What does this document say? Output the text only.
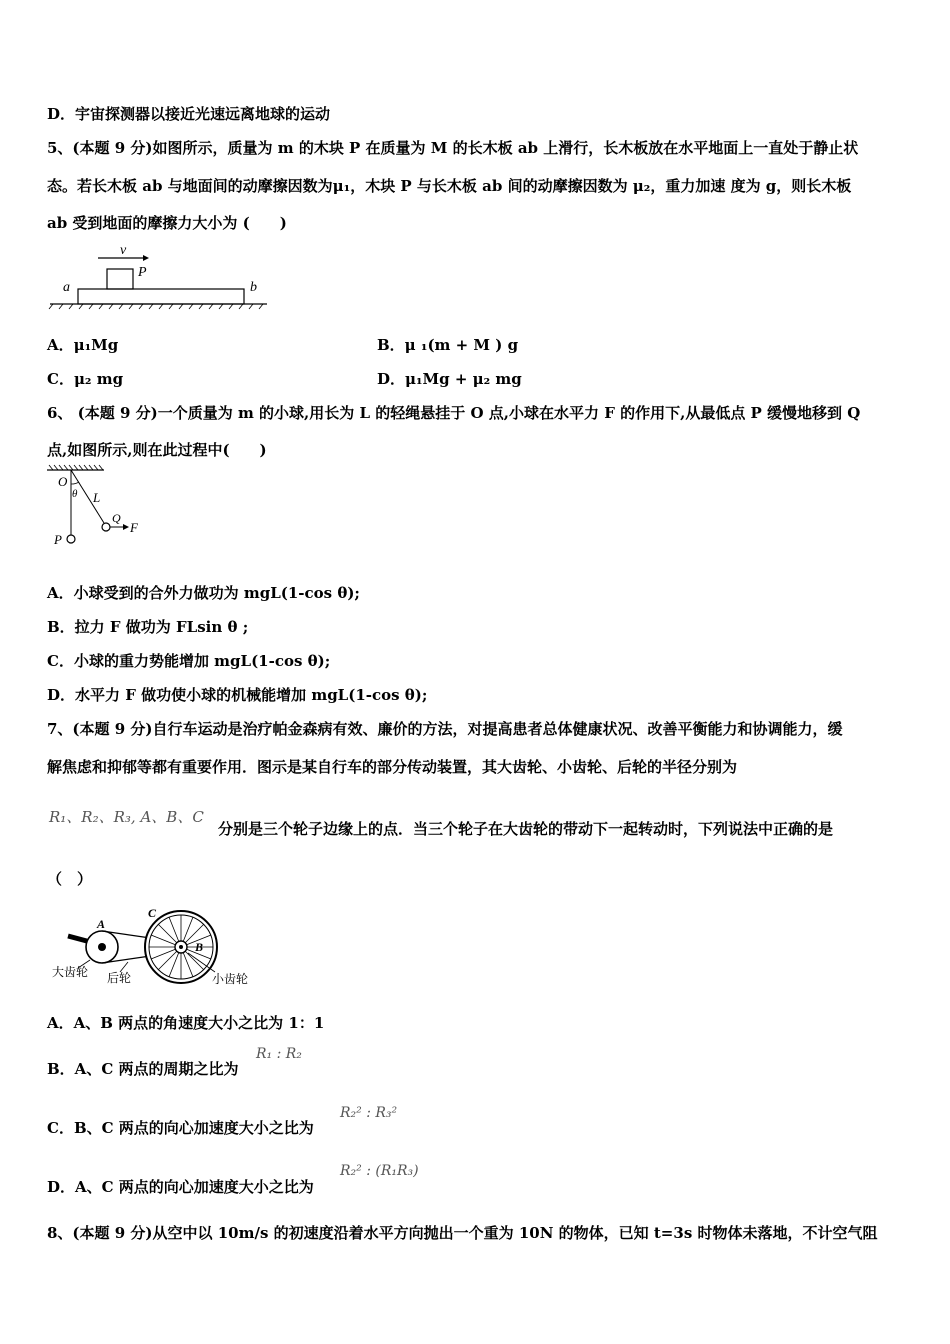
D．宇宙探测器以接近光速远离地球的运动
5、(本题 9 分)如图所示，质量为 m 的木块 P 在质量为 M 的长木板 ab 上滑行，长木板放在水平地面上一直处于静止状
态。若长木板 ab 与地面间的动摩擦因数为μ₁，木块 P 与长木板 ab 间的动摩擦因数为 μ₂，重力加速 度为 g，则长木板
ab 受到地面的摩擦力大小为 (　　)
v
P
a	b
A．μ₁Mg	B．μ ₁(m + M ) g
C．μ₂ mg	D．μ₁Mg + μ₂ mg
6、 (本题 9 分)一个质量为 m 的小球,用长为 L 的轻绳悬挂于 O 点,小球在水平力 F 的作用下,从最低点 P 缓慢地移到 Q
点,如图所示,则在此过程中(　　)
O
θ L
Q
F
P
A．小球受到的合外力做功为 mgL(1-cos θ);
B．拉力 F 做功为 FLsin θ ;
C．小球的重力势能增加 mgL(1-cos θ);
D．水平力 F 做功使小球的机械能增加 mgL(1-cos θ);
7、(本题 9 分)自行车运动是治疗帕金森病有效、廉价的方法，对提高患者总体健康状况、改善平衡能力和协调能力，缓
解焦虑和抑郁等都有重要作用．图示是某自行车的部分传动装置，其大齿轮、小齿轮、后轮的半径分别为
R₁、R₂、R₃, A、B、C
分别是三个轮子边缘上的点．当三个轮子在大齿轮的带动下一起转动时，下列说法中正确的是
（　）
A
C
B
大齿轮 后轮	小齿轮
A．A、B 两点的角速度大小之比为 1：1
B．A、C 两点的周期之比为
R₁ : R₂
C．B、C 两点的向心加速度大小之比为
R₂² : R₃²
D．A、C 两点的向心加速度大小之比为
R₂² : (R₁R₃)
8、(本题 9 分)从空中以 10m/s 的初速度沿着水平方向抛出一个重为 10N 的物体，已知 t=3s 时物体未落地，不计空气阻
